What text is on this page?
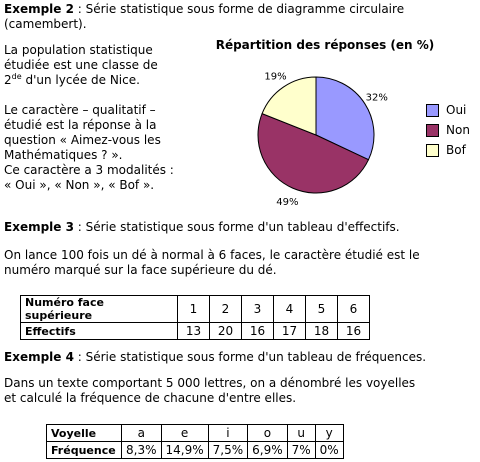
Exemple 2 : Série statistique sous forme de diagramme circulaire
(camembert).
La population statistique
étudiée est une classe de
2de d'un lycée de Nice.
Le caractère – qualitatif –
étudié est la réponse à la
question « Aimez-vous les
Mathématiques ? ».
Ce caractère a 3 modalités :
« Oui », « Non », « Bof ».
Répartition des réponses (en %)
32%
49%
19%
Oui
Non
Bof
Exemple 3 : Série statistique sous forme d'un tableau d'effectifs.
On lance 100 fois un dé à normal à 6 faces, le caractère étudié est le
numéro marqué sur la face supérieure du dé.
Numéro face supérieure	1	2	3	4	5	6
Effectifs	13	20	16	17	18	16
Exemple 4 : Série statistique sous forme d'un tableau de fréquences.
Dans un texte comportant 5 000 lettres, on a dénombré les voyelles
et calculé la fréquence de chacune d'entre elles.
Voyelle	a	e	i	o	u	y
Fréquence	8,3%	14,9%	7,5%	6,9%	7%	0%
